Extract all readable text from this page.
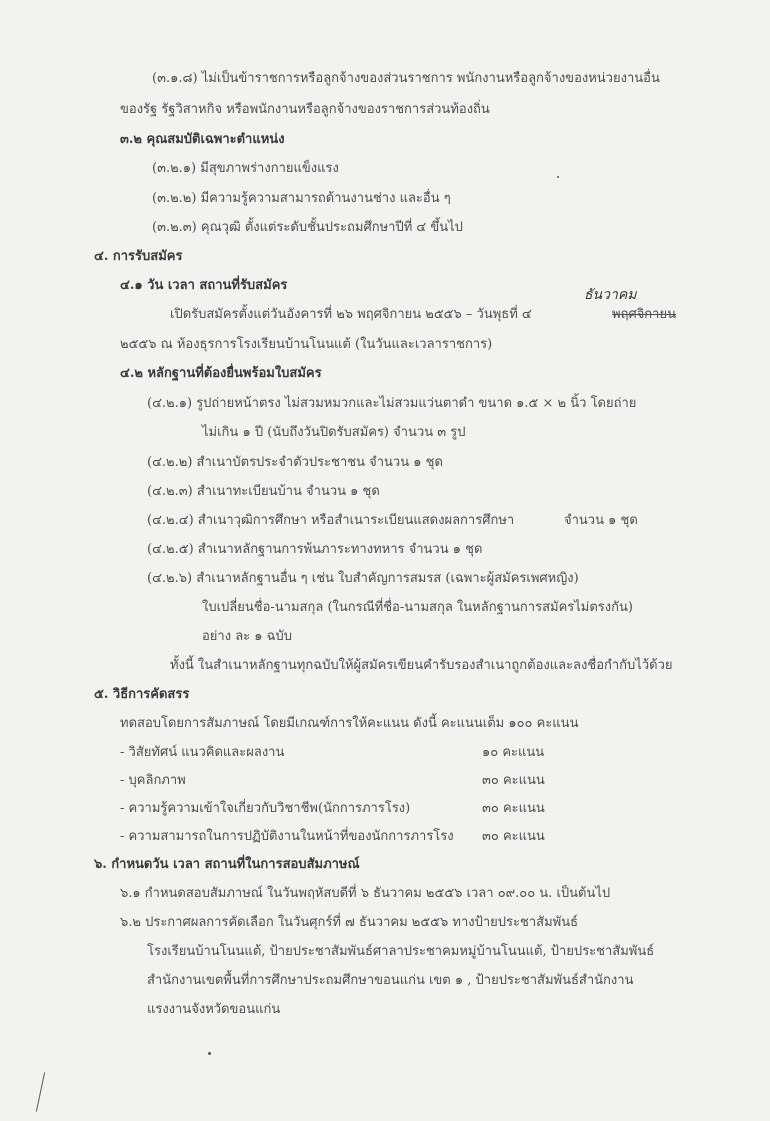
(๓.๑.๘) ไม่เป็นข้าราชการหรือลูกจ้างของส่วนราชการ พนักงานหรือลูกจ้างของหน่วยงานอื่น
ของรัฐ รัฐวิสาหกิจ หรือพนักงานหรือลูกจ้างของราชการส่วนท้องถิ่น
๓.๒ คุณสมบัติเฉพาะตำแหน่ง
(๓.๒.๑) มีสุขภาพร่างกายแข็งแรง
(๓.๒.๒) มีความรู้ความสามารถด้านงานช่าง และอื่น ๆ
(๓.๒.๓) คุณวุฒิ ตั้งแต่ระดับชั้นประถมศึกษาปีที่ ๔ ขึ้นไป
๔. การรับสมัคร
๔.๑ วัน เวลา สถานที่รับสมัคร
เปิดรับสมัครตั้งแต่วันอังคารที่ ๒๖ พฤศจิกายน ๒๕๕๖ – วันพุธที่ ๔	พฤศจิกายน
ธันวาคม
๒๕๕๖ ณ ห้องธุรการโรงเรียนบ้านโนนแต้ (ในวันและเวลาราชการ)
๔.๒ หลักฐานที่ต้องยื่นพร้อมใบสมัคร
(๔.๒.๑) รูปถ่ายหน้าตรง ไม่สวมหมวกและไม่สวมแว่นตาดำ ขนาด ๑.๕ × ๒ นิ้ว โดยถ่าย
ไม่เกิน ๑ ปี (นับถึงวันปิดรับสมัคร) จำนวน ๓ รูป
(๔.๒.๒) สำเนาบัตรประจำตัวประชาชน จำนวน ๑ ชุด
(๔.๒.๓) สำเนาทะเบียนบ้าน จำนวน ๑ ชุด
(๔.๒.๔) สำเนาวุฒิการศึกษา หรือสำเนาระเบียนแสดงผลการศึกษา	จำนวน ๑ ชุด
(๔.๒.๕) สำเนาหลักฐานการพ้นภาระทางทหาร จำนวน ๑ ชุด
(๔.๒.๖) สำเนาหลักฐานอื่น ๆ เช่น ใบสำคัญการสมรส (เฉพาะผู้สมัครเพศหญิง)
ใบเปลี่ยนชื่อ-นามสกุล (ในกรณีที่ชื่อ-นามสกุล ในหลักฐานการสมัครไม่ตรงกัน)
อย่าง ละ ๑ ฉบับ
ทั้งนี้ ในสำเนาหลักฐานทุกฉบับให้ผู้สมัครเขียนคำรับรองสำเนาถูกต้องและลงชื่อกำกับไว้ด้วย
๕. วิธีการคัดสรร
ทดสอบโดยการสัมภาษณ์ โดยมีเกณฑ์การให้คะแนน ดังนี้ คะแนนเต็ม ๑๐๐ คะแนน
- วิสัยทัศน์ แนวคิดและผลงาน	๑๐ คะแนน
- บุคลิกภาพ	๓๐ คะแนน
- ความรู้ความเข้าใจเกี่ยวกับวิชาชีพ(นักการภารโรง)	๓๐ คะแนน
- ความสามารถในการปฏิบัติงานในหน้าที่ของนักการภารโรง ๓๐ คะแนน
๖. กำหนดวัน เวลา สถานที่ในการสอบสัมภาษณ์
๖.๑ กำหนดสอบสัมภาษณ์ ในวันพฤหัสบดีที่ ๖ ธันวาคม ๒๕๕๖ เวลา ๐๙.๐๐ น. เป็นต้นไป
๖.๒ ประกาศผลการคัดเลือก ในวันศุกร์ที่ ๗ ธันวาคม ๒๕๕๖ ทางป้ายประชาสัมพันธ์
โรงเรียนบ้านโนนแต้, ป้ายประชาสัมพันธ์ศาลาประชาคมหมู่บ้านโนนแต้, ป้ายประชาสัมพันธ์
สำนักงานเขตพื้นที่การศึกษาประถมศึกษาขอนแก่น เขต ๑ , ป้ายประชาสัมพันธ์สำนักงาน
แรงงานจังหวัดขอนแก่น
